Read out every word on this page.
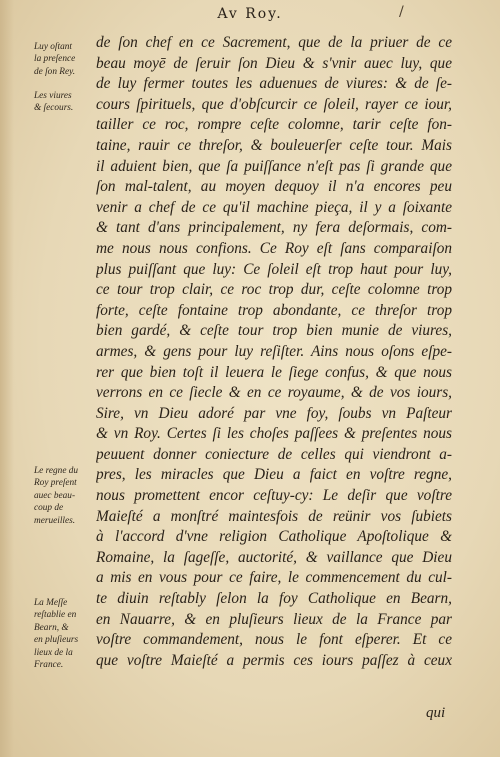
Av Roy.	/
Luy oſtant
la preſence
de ſon Rey.
Les viures
& ſecours.
Le regne du
Roy preſent
auec beau-
coup de
merueilles.
La Meſſe
reſtablie en
Bearn, &
en pluſieurs
lieux de la
France.
de ſon chef en ce Sacrement, que de la priuer de ce
beau moyē de ſeruir ſon Dieu & s'vnir auec luy, que
de luy fermer toutes les aduenues de viures: & de ſe-
cours ſpirituels, que d'obſcurcir ce ſoleil, rayer ce iour,
tailler ce roc, rompre ceſte colomne, tarir ceſte fon-
taine, rauir ce threſor, & bouleuerſer ceſte tour. Mais
il aduient bien, que ſa puiſſance n'eſt pas ſi grande que
ſon mal-talent, au moyen dequoy il n'a encores peu
venir a chef de ce qu'il machine pieça, il y a ſoixante
& tant d'ans principalement, ny fera deſormais, com-
me nous nous confions. Ce Roy eſt ſans comparaiſon
plus puiſſant que luy: Ce ſoleil eſt trop haut pour luy,
ce tour trop clair, ce roc trop dur, ceſte colomne trop
forte, ceſte fontaine trop abondante, ce threſor trop
bien gardé, & ceſte tour trop bien munie de viures,
armes, & gens pour luy reſiſter. Ains nous oſons eſpe-
rer que bien toſt il leuera le ſiege confus, & que nous
verrons en ce ſiecle & en ce royaume, & de vos iours,
Sire, vn Dieu adoré par vne foy, ſoubs vn Paſteur
& vn Roy. Certes ſi les choſes paſſees & preſentes nous
peuuent donner coniecture de celles qui viendront a-
pres, les miracles que Dieu a faict en voſtre regne,
nous promettent encor ceſtuy-cy: Le deſir que voſtre
Maieſté a monſtré maintesfois de reünir vos ſubiets
à l'accord d'vne religion Catholique Apoſtolique &
Romaine, la ſageſſe, auctorité, & vaillance que Dieu
a mis en vous pour ce faire, le commencement du cul-
te diuin reſtably ſelon la foy Catholique en Bearn,
en Nauarre, & en pluſieurs lieux de la France par
voſtre commandement, nous le font eſperer. Et ce
que voſtre Maieſté a permis ces iours paſſez à ceux
qui
